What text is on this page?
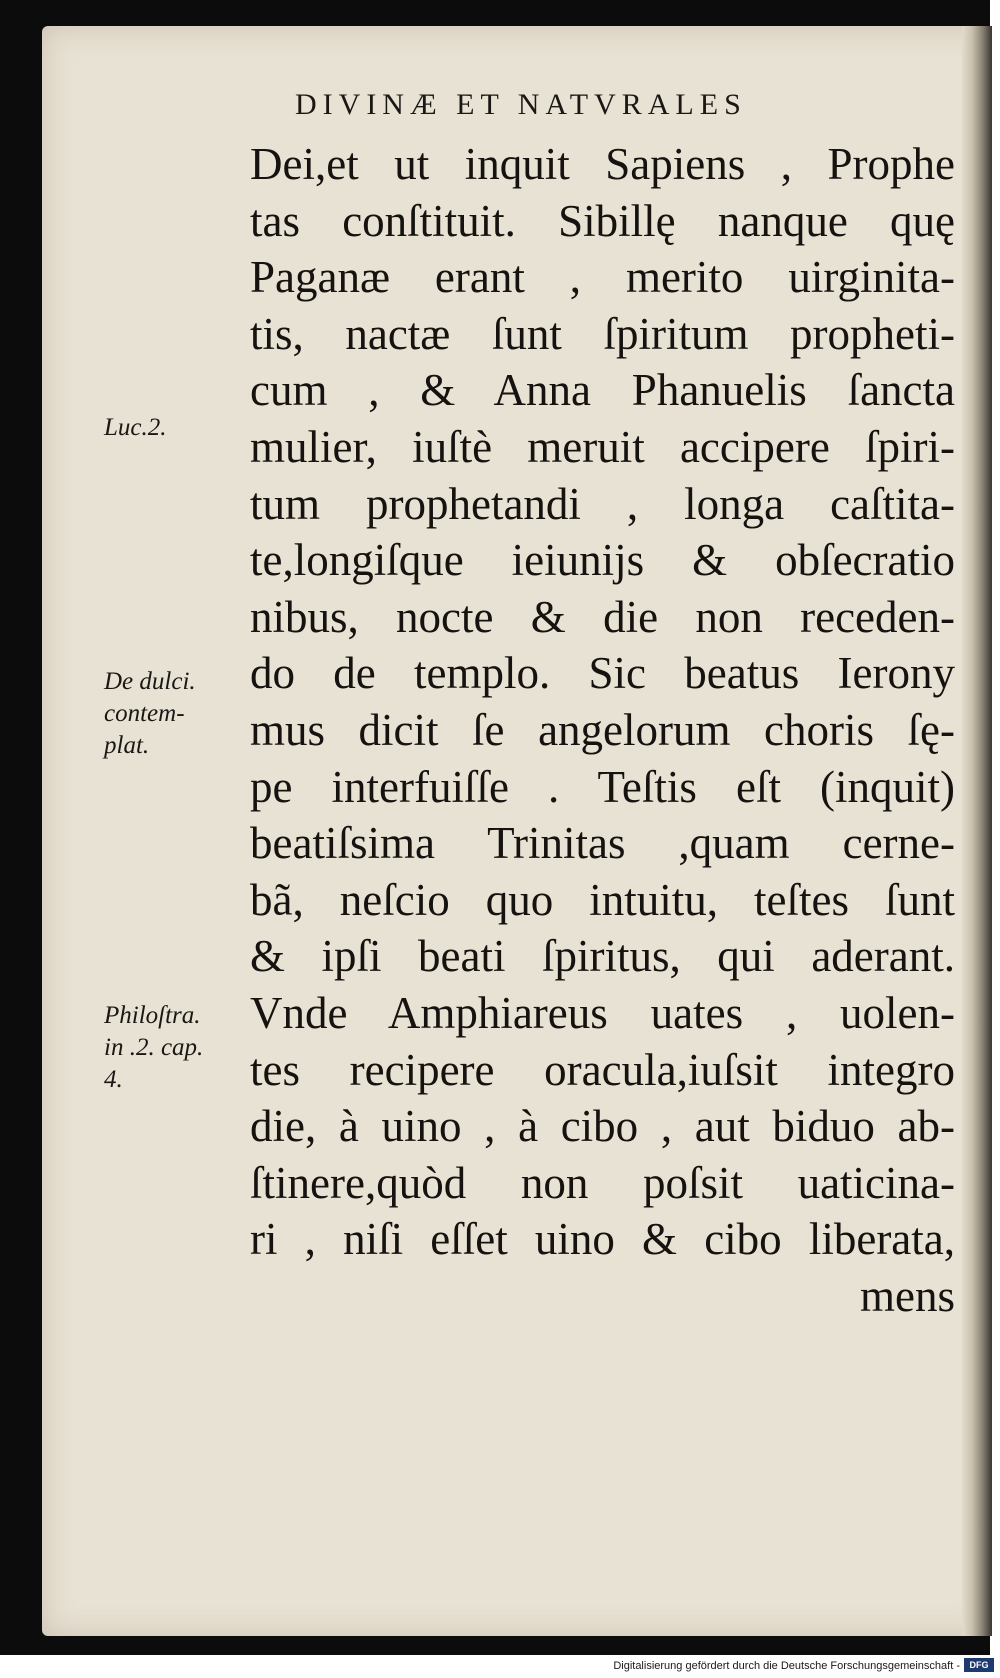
DIVINÆ ET NATVRALES
Dei,et ut inquit Sapiens , Prophe
tas conſtituit. Sibillę nanque quę
Paganæ erant , merito uirginita-
tis, nactæ ſunt ſpiritum propheti-
cum , & Anna Phanuelis ſancta
mulier, iuſtè meruit accipere ſpiri-
tum prophetandi , longa caſtita-
te,longiſque ieiunijs & obſecratio
nibus, nocte & die non receden-
do de templo. Sic beatus Ierony
mus dicit ſe angelorum choris ſę-
pe interfuiſſe . Teſtis eſt (inquit)
beatiſsima Trinitas ,quam cerne-
bã, neſcio quo intuitu, teſtes ſunt
& ipſi beati ſpiritus, qui aderant.
Vnde Amphiareus uates , uolen-
tes recipere oracula,iuſsit integro
die, à uino , à cibo , aut biduo ab-
ſtinere,quòd non poſsit uaticina-
ri , niſi eſſet uino & cibo liberata,
mens
Luc.2.
De dulci.
contem-
plat.
Philoſtra.
in .2. cap.
4.
Digitalisierung gefördert durch die Deutsche Forschungsgemeinschaft -	DFG
